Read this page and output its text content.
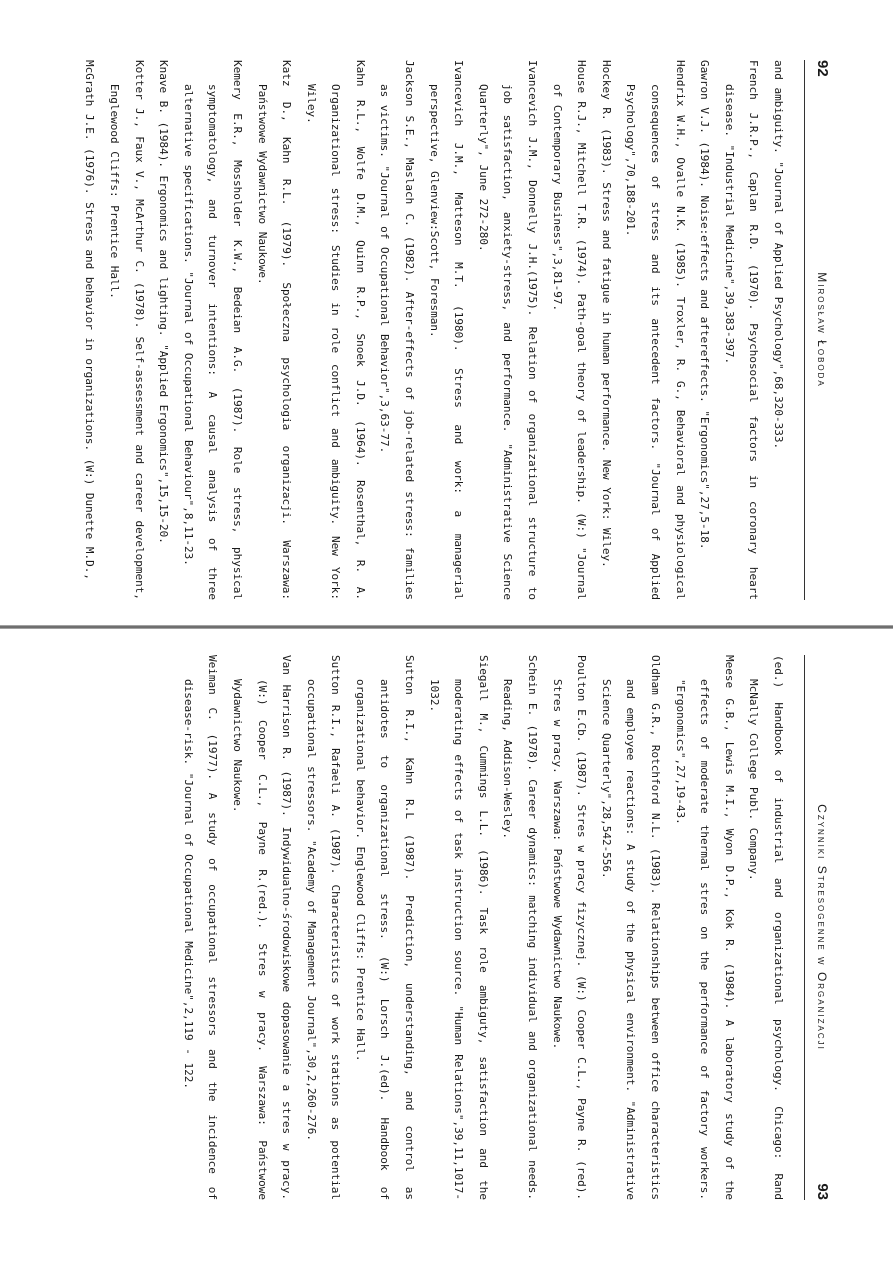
92
Mirosław Łoboda
and ambiguity. "Journal of Applied Psychology",68,320-333.
French J.R.P., Caplan R.D. (1970). Psychosocial factors in coronary heart disease. "Industrial Medicine",39,383-397.
Gawron V.J. (1984). Noise:effects and aftereffects. "Ergonomics",27,5-18.
Hendrix W.H., Ovalle N.K. (1985). Troxler, R. G., Behavioral and physiological consequences of stress and its antecedent factors. "Journal of Applied Psychology",70,188-201.
Hockey R. (1983). Stress and fatigue in human performance. New York: Wiley.
House R.J., Mitchell T.R. (1974). Path-goal theory of leadership. (W:) "Journal of Contemporary Business",3,81-97.
Ivancevich J.M., Donnelly J.H.(1975). Relation of organizational structure to job satisfaction, anxiety-stress, and performance. "Administrative Science Quarterly", June 272-280.
Ivancevich J.M., Matteson M.T. (1980). Stress and work: a managerial perspective, Glenview:Scott, Foresman.
Jackson S.E., Maslach C. (1982). After-effects of job-related stress: families as victims. "Journal of Occupational Behavior",3,63-77.
Kahn R.L., Wolfe D.M., Quinn R.P., Snoek J.D. (1964). Rosenthal, R. A. Organizational stress: Studies in role conflict and ambiguity. New York: Wiley.
Katz D., Kahn R.L. (1979). Społeczna psychologia organizacji. Warszawa: Państwowe Wydawnictwo Naukowe.
Kemery E.R., Mossholder K.W., Bedeian A.G. (1987). Role stress, physical symptomatology, and turnover intentions: A causal analysis of three alternative specifications. "Journal of Occupational Behaviour",8,11-23.
Knave B. (1984). Ergonomics and lighting. "Applied Ergonomics",15,15-20.
Kotter J., Faux V., McArthur C. (1978). Self-assessment and career development, Englewood Cliffs: Prentice Hall.
McGrath J.E. (1976). Stress and behavior in organizations. (W:) Dunette M.D.,
Czynniki Stresogenne w Organizacji
93
(ed.) Handbook of industrial and organizational psychology. Chicago: Rand McNally College Publ. Company.
Meese G.B., Lewis M.I., Wyon D.P., Kok R. (1984). A laboratory study of the effects of moderate thermal stres on the performance of factory workers. "Ergonomics",27,19-43.
Oldham G.R., Rotchford N.L. (1983). Relationships between office characteristics and employee reactions: A study of the physical environment. "Administrative Science Quarterly",28,542-556.
Poulton E.Cb. (1987). Stres w pracy fizycznej. (W:) Cooper C.L., Payne R. (red). Stres w pracy. Warszawa: Państwowe Wydawnictwo Naukowe.
Schein E. (1978). Career dynamics: matching individual and organizational needs. Reading, Addison-Wesley.
Siegall M., Cummings L.L. (1986). Task role ambiguty, satisfaction and the moderating effects of task instruction source. "Human Relations",39,11,1017-1032.
Sutton R.I., Kahn R.L (1987). Prediction, understanding, and control as antidotes to organizational stress. (W:) Lorsch J.(ed). Handbook of organizational behavior. Englewood Cliffs: Prentice Hall.
Sutton R.I., Rafaeli A. (1987). Characteristics of work stations as potential occupational stressors. "Academy of Management Journal",30,2,260-276.
Van Harrison R. (1987). Indywidualno-środowiskowe dopasowanie a stres w pracy. (W:) Cooper C.L., Payne R.(red.). Stres w pracy. Warszawa: Państwowe Wydawnictwo Naukowe.
Weiman C. (1977). A study of occupational stressors and the incidence of disease-risk. "Journal of Occupational Medicine",2,119 - 122.
